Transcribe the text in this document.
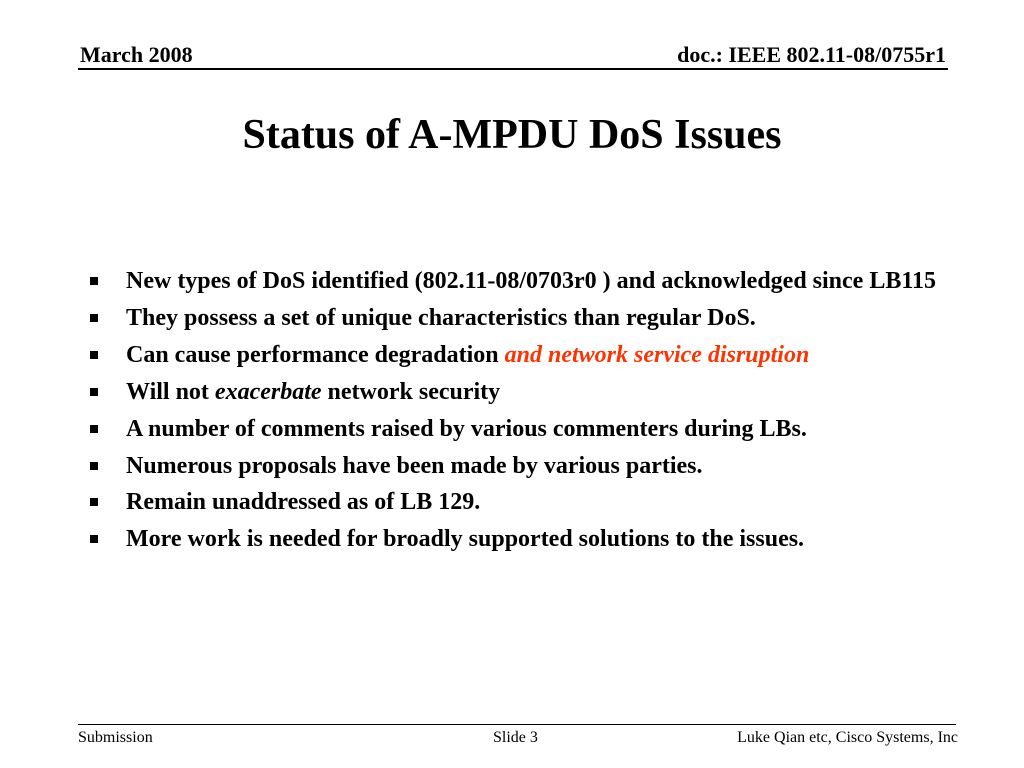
March 2008	doc.: IEEE 802.11-08/0755r1
Status of A-MPDU DoS Issues
New types of DoS identified (802.11-08/0703r0 ) and acknowledged since LB115
They possess a set of unique characteristics than regular DoS.
Can cause performance degradation and network service disruption
Will not exacerbate network security
A number of comments raised by various commenters during LBs.
Numerous proposals have been made by various parties.
Remain unaddressed as of LB 129.
More work is needed for broadly supported solutions to the issues.
Submission	Slide 3	Luke Qian etc, Cisco Systems, Inc
